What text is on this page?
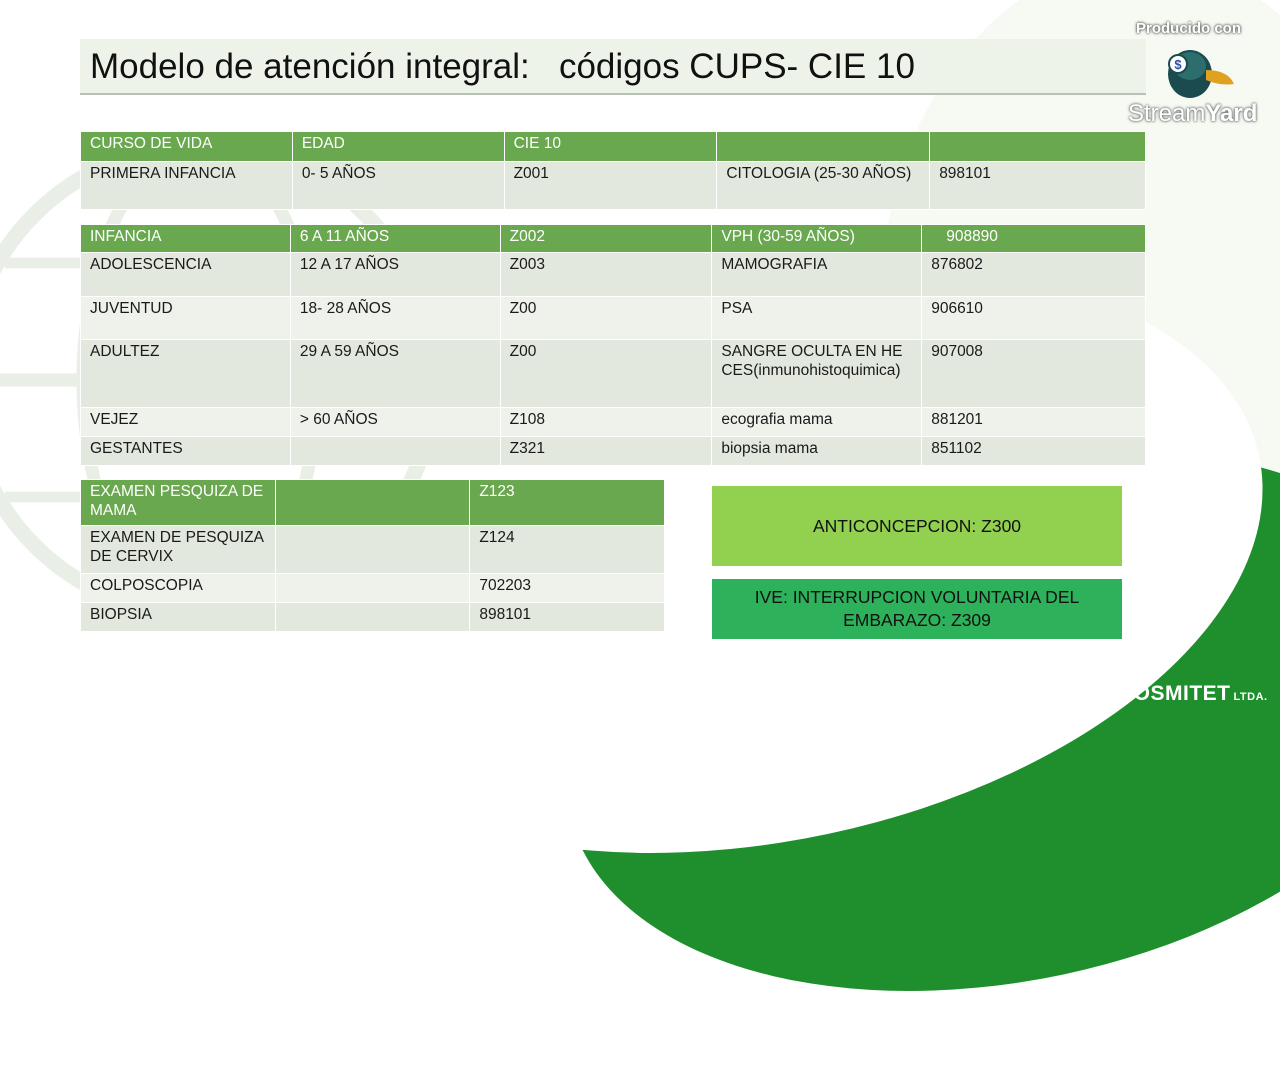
Modelo de atención integral: códigos CUPS- CIE 10
CURSO DE VIDA	EDAD	CIE 10		
PRIMERA INFANCIA	0- 5 AÑOS	Z001	CITOLOGIA (25-30 AÑOS)	898101
INFANCIA	6 A 11 AÑOS	Z002	VPH (30-59 AÑOS)	908890
ADOLESCENCIA	12 A 17 AÑOS	Z003	MAMOGRAFIA	876802
JUVENTUD	18- 28 AÑOS	Z00	PSA	906610
ADULTEZ	29 A 59 AÑOS	Z00	SANGRE OCULTA EN HECES(inmunohistoquimica)	907008
VEJEZ	> 60 AÑOS	Z108	ecografia mama	881201
GESTANTES		Z321	biopsia mama	851102
EXAMEN PESQUIZA DE MAMA		Z123
EXAMEN DE PESQUIZA DE CERVIX		Z124
COLPOSCOPIA		702203
BIOPSIA		898101
ANTICONCEPCION: Z300
IVE: INTERRUPCION VOLUNTARIA DEL EMBARAZO: Z309
Producido con
$
StreamYard
COSMITET LTDA.
